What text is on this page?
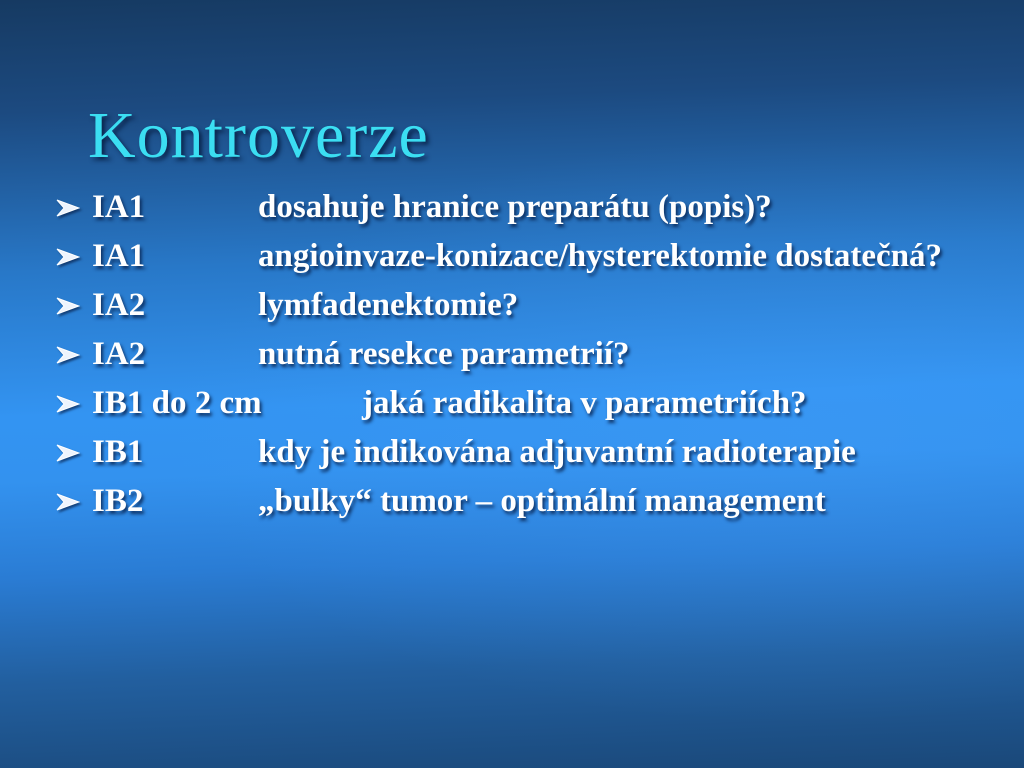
Kontroverze
IA1	dosahuje hranice preparátu (popis)?
IA1	angioinvaze-konizace/hysterektomie dostatečná?
IA2	lymfadenektomie?
IA2	nutná resekce parametrií?
IB1 do 2 cm	jaká radikalita v parametriích?
IB1	kdy je indikována adjuvantní radioterapie
IB2	„bulky“ tumor – optimální management
